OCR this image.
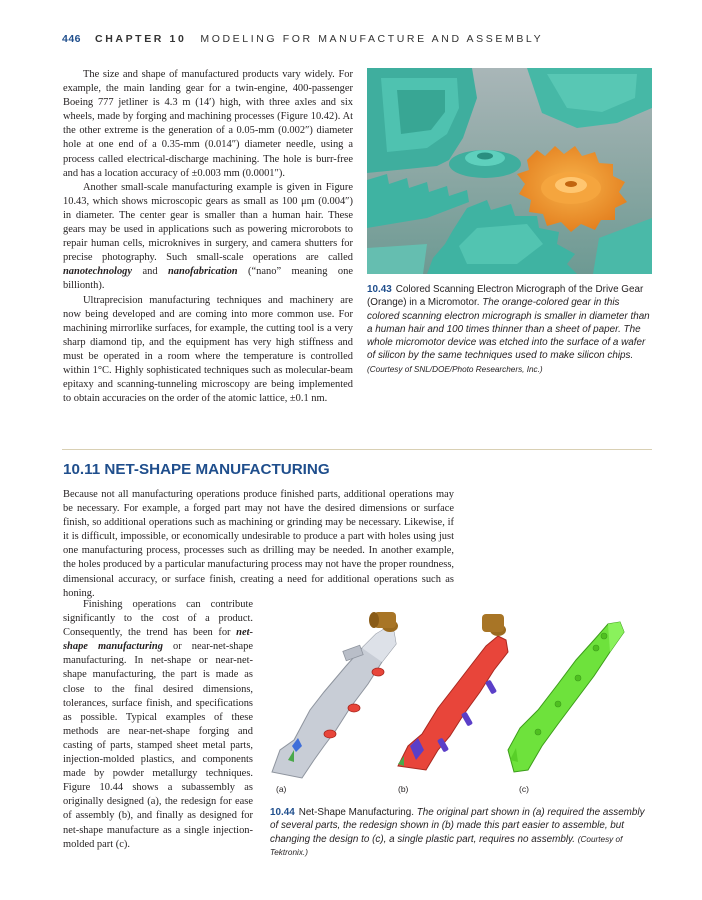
446 CHAPTER 10 MODELING FOR MANUFACTURE AND ASSEMBLY

The size and shape of manufactured products vary widely. For example, the main landing gear for a twin-engine, 400-passenger Boeing 777 jetliner is 4.3 m (14′) high, with three axles and six wheels, made by forging and machining processes (Figure 10.42). At the other extreme is the generation of a 0.05-mm (0.002″) diameter hole at one end of a 0.35-mm (0.014″) diameter needle, using a process called electrical-discharge machining. The hole is burr-free and has a location accuracy of ±0.003 mm (0.0001″).

Another small-scale manufacturing example is given in Figure 10.43, which shows microscopic gears as small as 100 μm (0.004″) in diameter. The center gear is smaller than a human hair. These gears may be used in applications such as powering microrobots to repair human cells, microknives in surgery, and camera shutters for precise photography. Such small-scale operations are called nanotechnology and nanofabrication (“nano” meaning one billionth).

Ultraprecision manufacturing techniques and machinery are now being developed and are coming into more common use. For machining mirrorlike surfaces, for example, the cutting tool is a very sharp diamond tip, and the equipment has very high stiffness and must be operated in a room where the temperature is controlled within 1°C. Highly sophisticated techniques such as molecular-beam epitaxy and scanning-tunneling microscopy are being implemented to obtain accuracies on the order of the atomic lattice, ±0.1 nm.

10.43 Colored Scanning Electron Micrograph of the Drive Gear (Orange) in a Micromotor. The orange-colored gear in this colored scanning electron micrograph is smaller in diameter than a human hair and 100 times thinner than a sheet of paper. The whole micromotor device was etched into the surface of a wafer of silicon by the same techniques used to make silicon chips. (Courtesy of SNL/DOE/Photo Researchers, Inc.)
10.11 NET-SHAPE MANUFACTURING

Because not all manufacturing operations produce finished parts, additional operations may be necessary. For example, a forged part may not have the desired dimensions or surface finish, so additional operations such as machining or grinding may be necessary. Likewise, if it is difficult, impossible, or economically undesirable to produce a part with holes using just one manufacturing process, processes such as drilling may be needed. In another example, the holes produced by a particular manufacturing process may not have the proper roundness, dimensional accuracy, or surface finish, creating a need for additional operations such as honing.

Finishing operations can contribute significantly to the cost of a product. Consequently, the trend has been for net-shape manufacturing or near-net-shape manufacturing. In net-shape or near-net-shape manufacturing, the part is made as close to the final desired dimensions, tolerances, surface finish, and specifications as possible. Typical examples of these methods are near-net-shape forging and casting of parts, stamped sheet metal parts, injection-molded plastics, and components made by powder metallurgy techniques. Figure 10.44 shows a subassembly as originally designed (a), the redesign for ease of assembly (b), and finally as designed for net-shape manufacture as a single injection-molded part (c).

(a)	(b)	(c)
10.44 Net-Shape Manufacturing. The original part shown in (a) required the assembly of several parts, the redesign shown in (b) made this part easier to assemble, but changing the design to (c), a single plastic part, requires no assembly. (Courtesy of Tektronix.)
